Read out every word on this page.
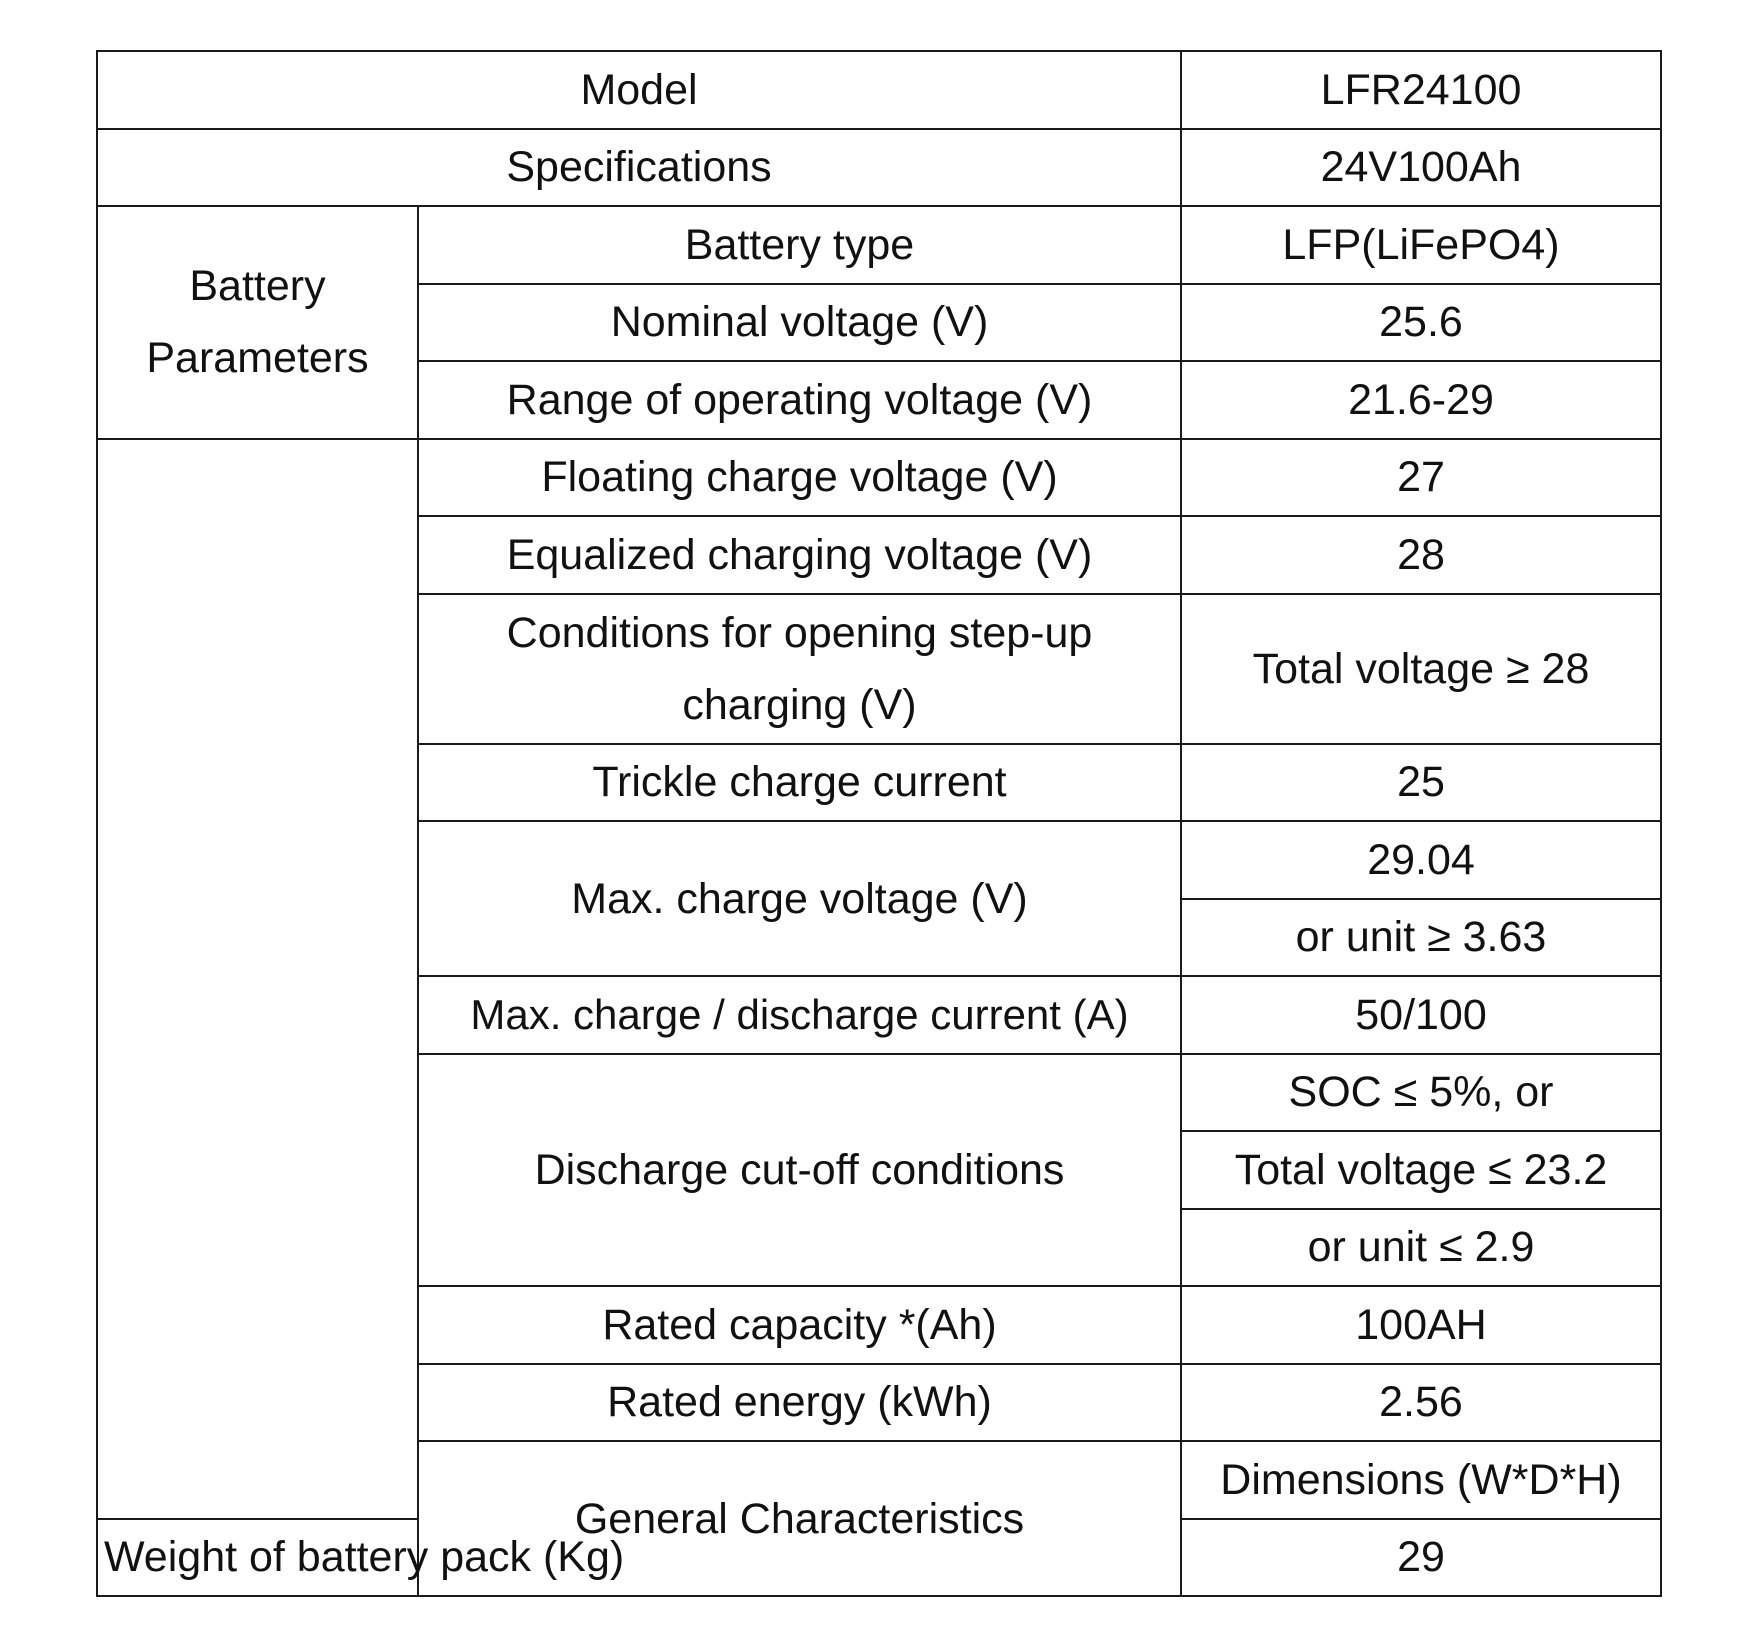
Model		LFR24100	
Specifications		24V100Ah	
Battery Parameters	Battery type	LFP(LiFePO4)	
	Nominal voltage (V)	25.6	
	Range of operating voltage (V)	21.6-29	
	Floating charge voltage (V)	27	
	Equalized charging voltage (V)	28	
	Conditions for opening step-up charging (V)	Total voltage ≥ 28	
	Trickle charge current	25	
	Max. charge voltage (V)	29.04	
		or unit ≥ 3.63	
	Max. charge / discharge current (A)	50/100	
	Discharge cut-off conditions	SOC ≤ 5%, or	
		Total voltage ≤ 23.2	
		or unit ≤ 2.9	
	Rated capacity *(Ah)	100AH	
	Rated energy (kWh)	2.56	
	General Characteristics	Dimensions (W*D*H)	
Weight of battery pack (Kg)		29	
